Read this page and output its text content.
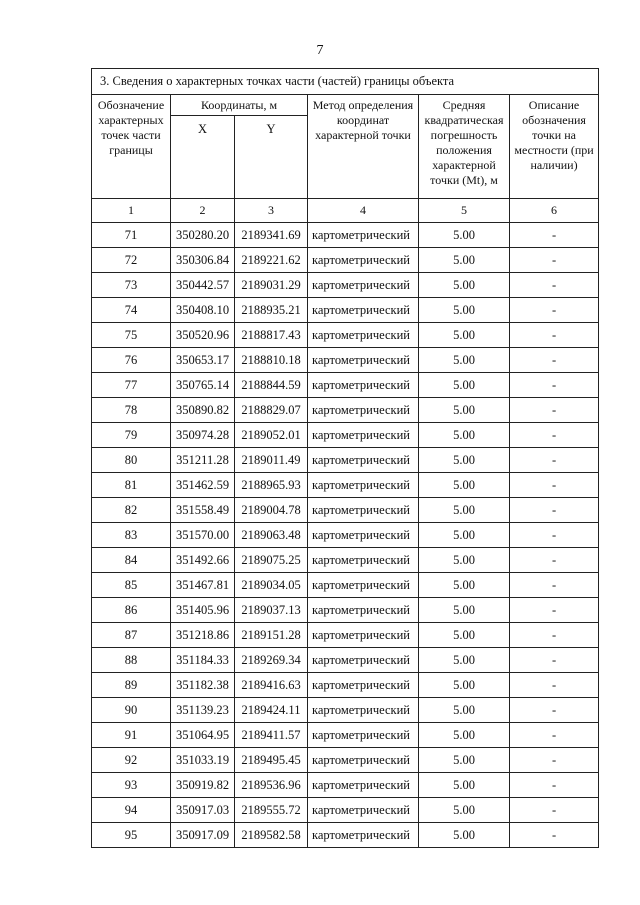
7
3. Сведения о характерных точках части (частей) границы объекта					
Обозначение характерных точек части границы	Координаты, м		Метод определения координат характерной точки	Средняя квадратическая погрешность положения характерной точки (Mt), м	Описание обозначения точки на местности (при наличии)
	X	Y			
1	2	3	4	5	6
71	350280.20	2189341.69	картометрический	5.00	-
72	350306.84	2189221.62	картометрический	5.00	-
73	350442.57	2189031.29	картометрический	5.00	-
74	350408.10	2188935.21	картометрический	5.00	-
75	350520.96	2188817.43	картометрический	5.00	-
76	350653.17	2188810.18	картометрический	5.00	-
77	350765.14	2188844.59	картометрический	5.00	-
78	350890.82	2188829.07	картометрический	5.00	-
79	350974.28	2189052.01	картометрический	5.00	-
80	351211.28	2189011.49	картометрический	5.00	-
81	351462.59	2188965.93	картометрический	5.00	-
82	351558.49	2189004.78	картометрический	5.00	-
83	351570.00	2189063.48	картометрический	5.00	-
84	351492.66	2189075.25	картометрический	5.00	-
85	351467.81	2189034.05	картометрический	5.00	-
86	351405.96	2189037.13	картометрический	5.00	-
87	351218.86	2189151.28	картометрический	5.00	-
88	351184.33	2189269.34	картометрический	5.00	-
89	351182.38	2189416.63	картометрический	5.00	-
90	351139.23	2189424.11	картометрический	5.00	-
91	351064.95	2189411.57	картометрический	5.00	-
92	351033.19	2189495.45	картометрический	5.00	-
93	350919.82	2189536.96	картометрический	5.00	-
94	350917.03	2189555.72	картометрический	5.00	-
95	350917.09	2189582.58	картометрический	5.00	-
